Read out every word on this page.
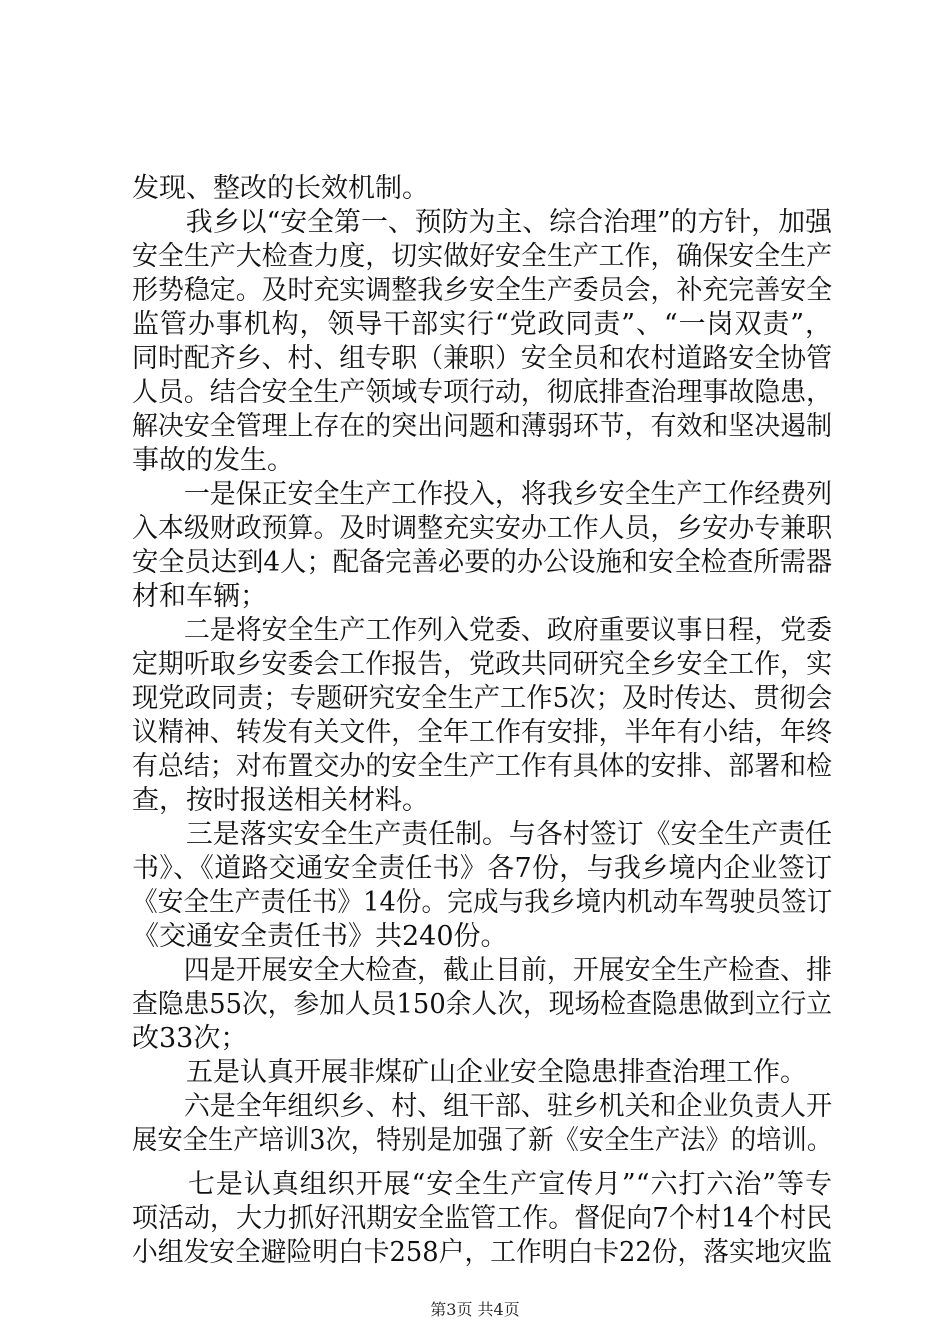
发现、整改的长效机制。
　　我乡以“安全第一、预防为主、综合治理”的方针，加强
安全生产大检查力度，切实做好安全生产工作，确保安全生产
形势稳定。及时充实调整我乡安全生产委员会，补充完善安全
监管办事机构，领导干部实行“党政同责”、“一岗双责”，
同时配齐乡、村、组专职（兼职）安全员和农村道路安全协管
人员。结合安全生产领域专项行动，彻底排查治理事故隐患，
解决安全管理上存在的突出问题和薄弱环节，有效和坚决遏制
事故的发生。
　　一是保正安全生产工作投入，将我乡安全生产工作经费列
入本级财政预算。及时调整充实安办工作人员，乡安办专兼职
安全员达到4人；配备完善必要的办公设施和安全检查所需器
材和车辆；
　　二是将安全生产工作列入党委、政府重要议事日程，党委
定期听取乡安委会工作报告，党政共同研究全乡安全工作，实
现党政同责；专题研究安全生产工作5次；及时传达、贯彻会
议精神、转发有关文件，全年工作有安排，半年有小结，年终
有总结；对布置交办的安全生产工作有具体的安排、部署和检
查，按时报送相关材料。
　　三是落实安全生产责任制。与各村签订《安全生产责任
书》、《道路交通安全责任书》各7份，与我乡境内企业签订
《安全生产责任书》14份。完成与我乡境内机动车驾驶员签订
《交通安全责任书》共240份。
　　四是开展安全大检查，截止目前，开展安全生产检查、排
查隐患55次，参加人员150余人次，现场检查隐患做到立行立
改33次；
　　五是认真开展非煤矿山企业安全隐患排查治理工作。
　　六是全年组织乡、村、组干部、驻乡机关和企业负责人开
展安全生产培训3次，特别是加强了新《安全生产法》的培训。
　　七是认真组织开展“安全生产宣传月”“六打六治”等专
项活动，大力抓好汛期安全监管工作。督促向7个村14个村民
小组发安全避险明白卡258户，工作明白卡22份，落实地灾监
第3页 共4页
